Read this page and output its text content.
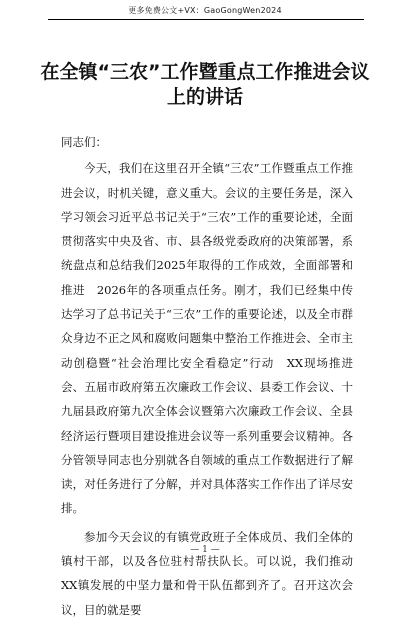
更多免费公文+VX：GaoGongWen2024
在全镇“三农”工作暨重点工作推进会议上的讲话

同志们：

今天，我们在这里召开全镇“三农”工作暨重点工作推进会议，时机关键，意义重大。会议的主要任务是，深入学习领会习近平总书记关于“三农”工作的重要论述，全面贯彻落实中央及省、市、县各级党委政府的决策部署，系统盘点和总结我们2025年取得的工作成效，全面部署和推进　2026年的各项重点任务。刚才，我们已经集中传达学习了总书记关于“三农”工作的重要论述，以及全市群众身边不正之风和腐败问题集中整治工作推进会、全市主动创稳暨“社会治理比安全看稳定”行动　XX现场推进会、五届市政府第五次廉政工作会议、县委工作会议、十九届县政府第九次全体会议暨第六次廉政工作会议、全县经济运行暨项目建设推进会议等一系列重要会议精神。各分管领导同志也分别就各自领域的重点工作数据进行了解读，对任务进行了分解，并对具体落实工作作出了详尽安排。

参加今天会议的有镇党政班子全体成员、我们全体的镇村干部，以及各位驻村帮扶队长。可以说，我们推动XX镇发展的中坚力量和骨干队伍都到齐了。召开这次会议，目的就是要

— 1 —
